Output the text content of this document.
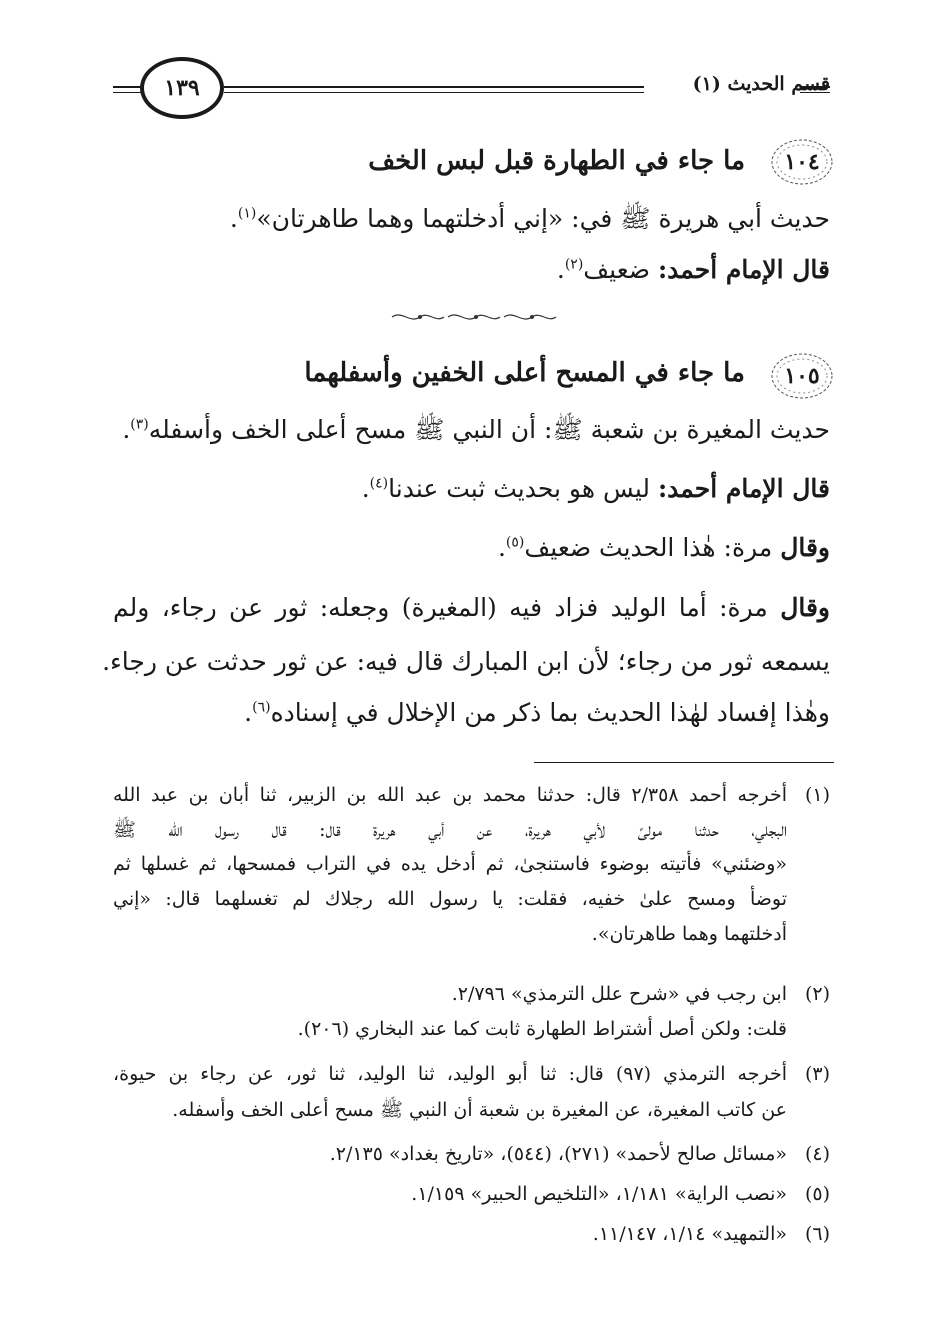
١٣٩	قسم الحديث (١)
١٠٤
ما جاء في الطهارة قبل لبس الخف
حديث أبي هريرة ﷺ في: «إني أدخلتهما وهما طاهرتان»$^{(١)}$.
قال الإمام أحمد: ضعيف$^{(٢)}$.
١٠٥
ما جاء في المسح أعلى الخفين وأسفلهما
حديث المغيرة بن شعبة ﷺ: أن النبي ﷺ مسح أعلى الخف وأسفله$^{(٣)}$.
قال الإمام أحمد: ليس هو بحديث ثبت عندنا$^{(٤)}$.
وقال مرة: هٰذا الحديث ضعيف$^{(٥)}$.
وقال مرة: أما الوليد فزاد فيه (المغيرة) وجعله: ثور عن رجاء، ولم
يسمعه ثور من رجاء؛ لأن ابن المبارك قال فيه: عن ثور حدثت عن رجاء.
وهٰذا إفساد لهٰذا الحديث بما ذكر من الإخلال في إسناده$^{(٦)}$.
(١)
أخرجه أحمد ٢/٣٥٨ قال: حدثنا محمد بن عبد الله بن الزبير، ثنا أبان بن عبد الله
البجلي، حدثنا مولىً لأبي هريرة، عن أبي هريرة قال: قال رسول الله ﷺ
«وضئني» فأتيته بوضوء فاستنجىٰ، ثم أدخل يده في التراب فمسحها، ثم غسلها ثم
توضأ ومسح علىٰ خفيه، فقلت: يا رسول الله رجلاك لم تغسلهما قال: «إني
أدخلتهما وهما طاهرتان».
(٢)
ابن رجب في «شرح علل الترمذي» ٢/٧٩٦.
قلت: ولكن أصل أشتراط الطهارة ثابت كما عند البخاري (٢٠٦).
(٣)
أخرجه الترمذي (٩٧) قال: ثنا أبو الوليد، ثنا الوليد، ثنا ثور، عن رجاء بن حيوة،
عن كاتب المغيرة، عن المغيرة بن شعبة أن النبي ﷺ مسح أعلى الخف وأسفله.
(٤)
«مسائل صالح لأحمد» (٢٧١)، (٥٤٤)، «تاريخ بغداد» ٢/١٣٥.
(٥)
«نصب الراية» ١/١٨١، «التلخيص الحبير» ١/١٥٩.
(٦)
«التمهيد» ١/١٤، ١١/١٤٧.
